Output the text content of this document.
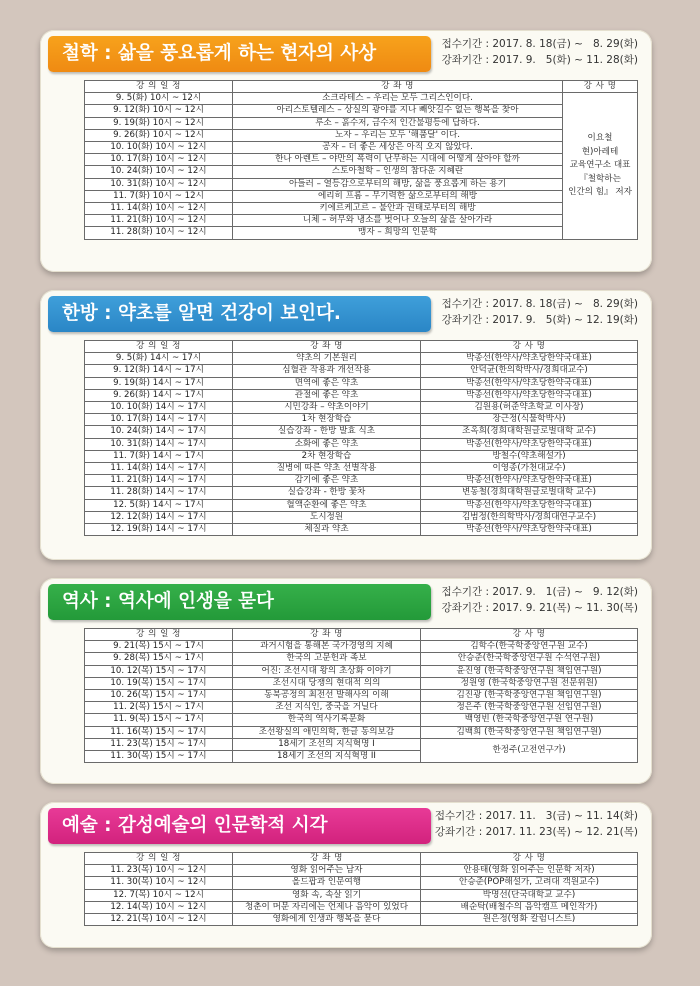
철학 : 삶을 풍요롭게 하는 현자의 사상	접수기간 : 2017. 8. 18(금) ~   8. 29(화)
강좌기간 : 2017. 9.   5(화) ~ 11. 28(화)
강 의 일 정	강 좌 명	강 사 명
9. 5(화) 10시 ~ 12시	소크라테스 – 우리는 모두 그리스인이다.	이요철
현)아레테
교육연구소 대표
『철학하는
인간의 힘』 저자

9. 12(화) 10시 ~ 12시	아리스토텔레스 – 상실의 광야를 지나 빼앗길수 없는 행복을 찾아	
9. 19(화) 10시 ~ 12시	루소 – 흙수저, 금수저 인간불평등에 답하다.	
9. 26(화) 10시 ~ 12시	노자 – 우리는 모두 '해품달' 이다.	
10. 10(화) 10시 ~ 12시	공자 – 더 좋은 세상은 아직 오지 않았다.	
10. 17(화) 10시 ~ 12시	한나 아렌트 – 야만의 폭력이 난무하는 시대에 어떻게 살아야 할까	
10. 24(화) 10시 ~ 12시	스토아철학 – 인생의 참다운 지혜란	
10. 31(화) 10시 ~ 12시	아들러 – 열등감으로부터의 해방, 삶을 풍요롭게 하는 용기	
11. 7(화) 10시 ~ 12시	에리히 프롬 – 무기력한 삶으로부터의 해방	
11. 14(화) 10시 ~ 12시	키에르케고르 – 불안과 권태로부터의 해방	
11. 21(화) 10시 ~ 12시	니체 – 허무와 냉소를 벗어나 오늘의 삶을 살아가라	
11. 28(화) 10시 ~ 12시	맹자 – 희망의 인문학	
한방 : 약초를 알면 건강이 보인다.	접수기간 : 2017. 8. 18(금) ~   8. 29(화)
강좌기간 : 2017. 9.   5(화) ~ 12. 19(화)
강 의 일 정	강 좌 명	강 사 명
9. 5(화) 14시 ~ 17시	약초의 기본원리	박종선(한약사/약초당한약국대표)
9. 12(화) 14시 ~ 17시	심혈관 작용과 개선작용	안덕균(한의학박사/경희대교수)
9. 19(화) 14시 ~ 17시	면역에 좋은 약초	박종선(한약사/약초당한약국대표)
9. 26(화) 14시 ~ 17시	관절에 좋은 약초	박종선(한약사/약초당한약국대표)
10. 10(화) 14시 ~ 17시	시민강좌 – 약초이야기	김원용(허준약초학교 이사장)
10. 17(화) 14시 ~ 17시	1차 현장학습	장근정(식물학박사)
10. 24(화) 14시 ~ 17시	실습강좌 - 한방 발효 식초	조옥희(경희대학원글로벌대학 교수)
10. 31(화) 14시 ~ 17시	소화에 좋은 약초	박종선(한약사/약초당한약국대표)
11. 7(화) 14시 ~ 17시	2차 현장학습	방철수(약초해설가)
11. 14(화) 14시 ~ 17시	질병에 따른 약초 선별작용	이영종(가천대교수)
11. 21(화) 14시 ~ 17시	감기에 좋은 약초	박종선(한약사/약초당한약국대표)
11. 28(화) 14시 ~ 17시	실습강좌 - 한방 꽃차	변동철(경희대학원글로벌대학 교수)
12. 5(화) 14시 ~ 17시	혈액순환에 좋은 약초	박종선(한약사/약초당한약국대표)
12. 12(화) 14시 ~ 17시	도시정원	김범정(한의학박사/경희대연구교수)
12. 19(화) 14시 ~ 17시	체질과 약초	박종선(한약사/약초당한약국대표)
역사 : 역사에 인생을 묻다	접수기간 : 2017. 9.   1(금) ~   9. 12(화)
강좌기간 : 2017. 9. 21(목) ~ 11. 30(목)
강 의 일 정	강 좌 명	강 사 명
9. 21(목) 15시 ~ 17시	과거시험을 통해본 국가경영의 지혜	김학수(한국학중앙연구원 교수)
9. 28(목) 15시 ~ 17시	한국의 고문헌과 족보	안승준(한국학중앙연구원 수석연구원)
10. 12(목) 15시 ~ 17시	어진: 조선시대 왕의 초상화 이야기	윤진영 (한국학중앙연구원 책임연구원)
10. 19(목) 15시 ~ 17시	조선시대 당쟁의 현대적 의의	정원영 (한국학중앙연구원 전문위원)
10. 26(목) 15시 ~ 17시	동북공정의 최전선 발해사의 이해	김진광 (한국학중앙연구원 책임연구원)
11. 2(목) 15시 ~ 17시	조선 지식인, 중국을 거닐다	정은주 (한국학중앙연구원 선임연구원)
11. 9(목) 15시 ~ 17시	한국의 역사기록문화	백영빈 (한국학중앙연구원 연구원)
11. 16(목) 15시 ~ 17시	조선왕실의 애민의학, 한글 동의보감	김백희 (한국학중앙연구원 책임연구원)
11. 23(목) 15시 ~ 17시	18세기 조선의 지식혁명 I	한정주(고전연구가)
11. 30(목) 15시 ~ 17시	18세기 조선의 지식혁명 II	
예술 : 감성예술의 인문학적 시각	접수기간 : 2017. 11.   3(금) ~ 11. 14(화)
강좌기간 : 2017. 11. 23(목) ~ 12. 21(목)
강 의 일 정	강 좌 명	강 사 명
11. 23(목) 10시 ~ 12시	영화 읽어주는 남자	안용태(영화 읽어주는 인문학 저자)
11. 30(목) 10시 ~ 12시	올드팝과 인문여행	안승준(POP해설가, 고려대 객원교수)
12. 7(목) 10시 ~ 12시	영화 속, 속살 읽기	박명선(단국대학교 교수)
12. 14(목) 10시 ~ 12시	청춘이 머문 자리에는 언제나 음악이 있었다	배순탁(배철수의 음악캠프 메인작가)
12. 21(목) 10시 ~ 12시	영화에게 인생과 행복을 묻다	원은정(영화 칼럼니스트)
